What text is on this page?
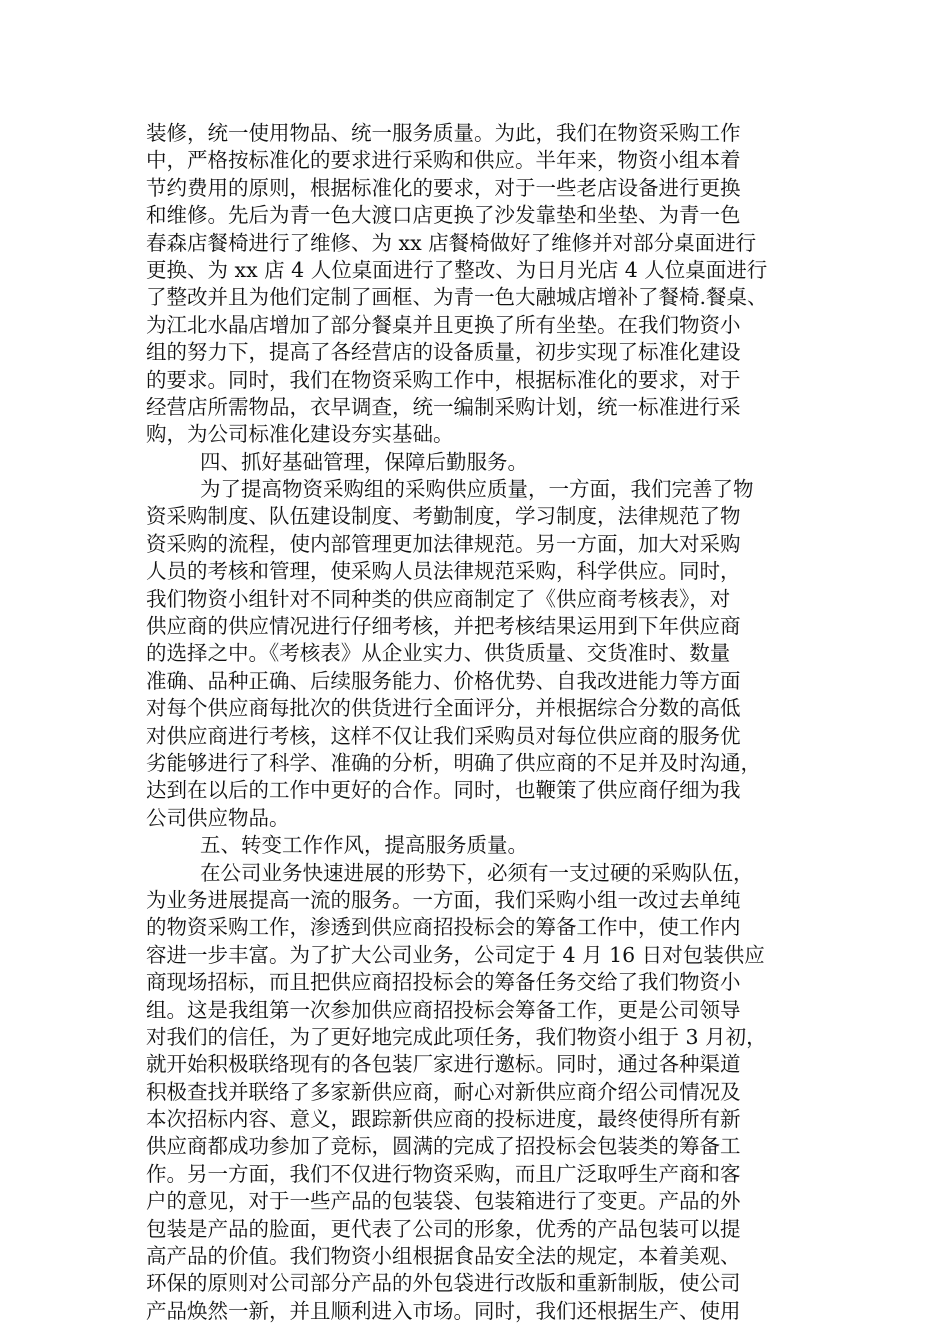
装修，统一使用物品、统一服务质量。为此，我们在物资采购工作
中，严格按标准化的要求进行采购和供应。半年来，物资小组本着
节约费用的原则，根据标准化的要求，对于一些老店设备进行更换
和维修。先后为青一色大渡口店更换了沙发靠垫和坐垫、为青一色
春森店餐椅进行了维修、为 xx 店餐椅做好了维修并对部分桌面进行
更换、为 xx 店 4 人位桌面进行了整改、为日月光店 4 人位桌面进行
了整改并且为他们定制了画框、为青一色大融城店增补了餐椅.餐桌、
为江北水晶店增加了部分餐桌并且更换了所有坐垫。在我们物资小
组的努力下，提高了各经营店的设备质量，初步实现了标准化建设
的要求。同时，我们在物资采购工作中，根据标准化的要求，对于
经营店所需物品，衣早调查，统一编制采购计划，统一标准进行采
购，为公司标准化建设夯实基础。
四、抓好基础管理，保障后勤服务。
为了提高物资采购组的采购供应质量，一方面，我们完善了物
资采购制度、队伍建设制度、考勤制度，学习制度，法律规范了物
资采购的流程，使内部管理更加法律规范。另一方面，加大对采购
人员的考核和管理，使采购人员法律规范采购，科学供应。同时，
我们物资小组针对不同种类的供应商制定了《供应商考核表》，对
供应商的供应情况进行仔细考核，并把考核结果运用到下年供应商
的选择之中。《考核表》从企业实力、供货质量、交货准时、数量
准确、品种正确、后续服务能力、价格优势、自我改进能力等方面
对每个供应商每批次的供货进行全面评分，并根据综合分数的高低
对供应商进行考核，这样不仅让我们采购员对每位供应商的服务优
劣能够进行了科学、准确的分析，明确了供应商的不足并及时沟通，
达到在以后的工作中更好的合作。同时，也鞭策了供应商仔细为我
公司供应物品。
五、转变工作作风，提高服务质量。
在公司业务快速进展的形势下，必须有一支过硬的采购队伍，
为业务进展提高一流的服务。一方面，我们采购小组一改过去单纯
的物资采购工作，渗透到供应商招投标会的筹备工作中，使工作内
容进一步丰富。为了扩大公司业务，公司定于 4 月 16 日对包装供应
商现场招标，而且把供应商招投标会的筹备任务交给了我们物资小
组。这是我组第一次参加供应商招投标会筹备工作，更是公司领导
对我们的信任，为了更好地完成此项任务，我们物资小组于 3 月初，
就开始积极联络现有的各包装厂家进行邀标。同时，通过各种渠道
积极查找并联络了多家新供应商，耐心对新供应商介绍公司情况及
本次招标内容、意义，跟踪新供应商的投标进度，最终使得所有新
供应商都成功参加了竞标，圆满的完成了招投标会包装类的筹备工
作。另一方面，我们不仅进行物资采购，而且广泛取呼生产商和客
户的意见，对于一些产品的包装袋、包装箱进行了变更。产品的外
包装是产品的脸面，更代表了公司的形象，优秀的产品包装可以提
高产品的价值。我们物资小组根据食品安全法的规定，本着美观、
环保的原则对公司部分产品的外包袋进行改版和重新制版，使公司
产品焕然一新，并且顺利进入市场。同时，我们还根据生产、使用
